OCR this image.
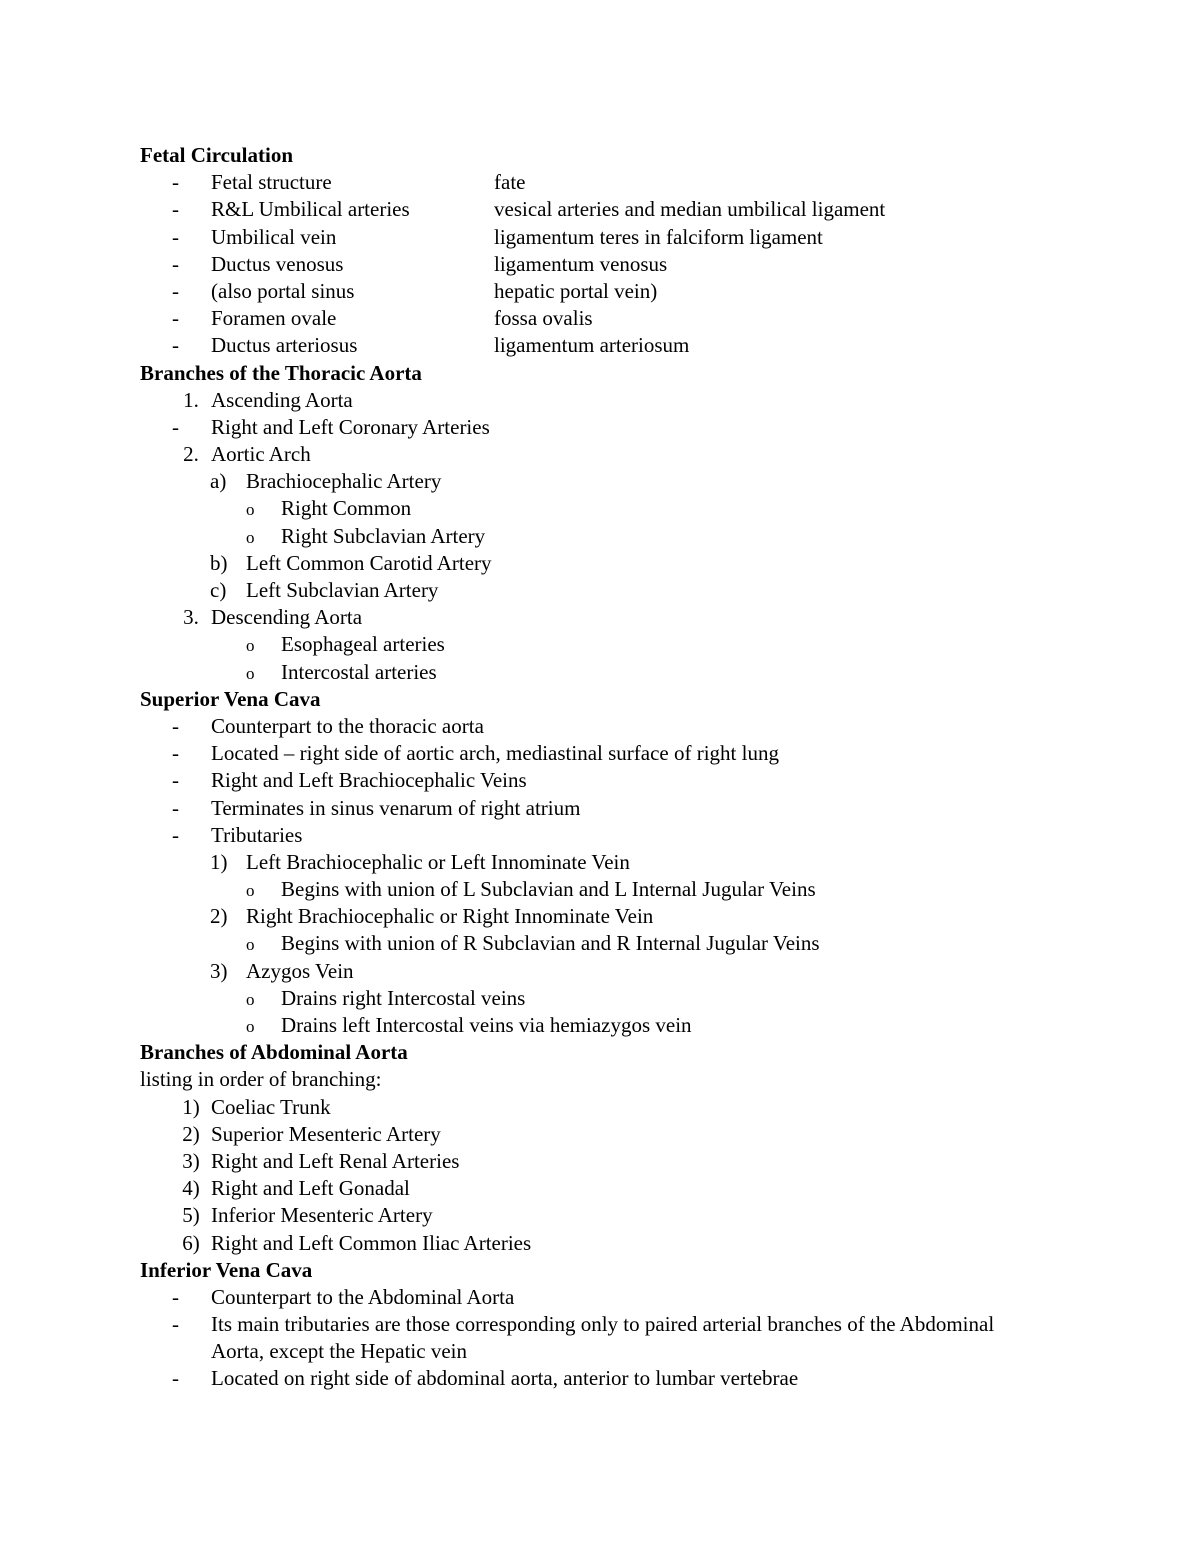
Fetal Circulation
-	Fetal structure	fate
-	R&L Umbilical arteries	vesical arteries and median umbilical ligament
-	Umbilical vein	ligamentum teres in falciform ligament
-	Ductus venosus	ligamentum venosus
-	(also portal sinus	hepatic portal vein)
-	Foramen ovale	fossa ovalis
-	Ductus arteriosus	ligamentum arteriosum
Branches of the Thoracic Aorta
1. Ascending Aorta
-	Right and Left Coronary Arteries
2. Aortic Arch
a) Brachiocephalic Artery
o	Right Common
o	Right Subclavian Artery
b) Left Common Carotid Artery
c) Left Subclavian Artery
3. Descending Aorta
o	Esophageal arteries
o	Intercostal arteries
Superior Vena Cava
-	Counterpart to the thoracic aorta
-	Located – right side of aortic arch, mediastinal surface of right lung
-	Right and Left Brachiocephalic Veins
-	Terminates in sinus venarum of right atrium
-	Tributaries
1) Left Brachiocephalic or Left Innominate Vein
o	Begins with union of L Subclavian and L Internal Jugular Veins
2) Right Brachiocephalic or Right Innominate Vein
o	Begins with union of R Subclavian and R Internal Jugular Veins
3) Azygos Vein
o	Drains right Intercostal veins
o	Drains left Intercostal veins via hemiazygos vein
Branches of Abdominal Aorta
listing in order of branching:
1) Coeliac Trunk
2) Superior Mesenteric Artery
3) Right and Left Renal Arteries
4) Right and Left Gonadal
5) Inferior Mesenteric Artery
6) Right and Left Common Iliac Arteries
Inferior Vena Cava
-	Counterpart to the Abdominal Aorta
-	Its main tributaries are those corresponding only to paired arterial branches of the Abdominal Aorta, except the Hepatic vein
-	Located on right side of abdominal aorta, anterior to lumbar vertebrae
